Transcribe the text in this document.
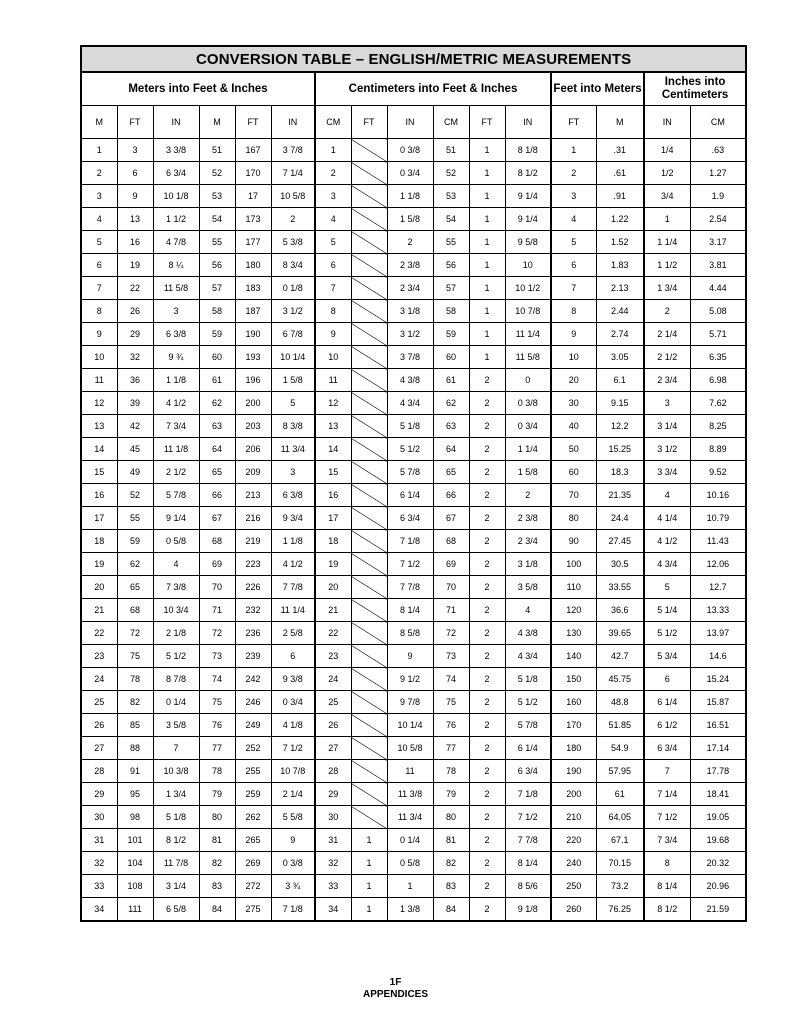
CONVERSION TABLE – ENGLISH/METRIC MEASUREMENTS															
Meters into Feet & Inches						Centimeters into Feet & Inches						Feet into Meters		Inches into Centimeters	
M	FT	IN	M	FT	IN	CM	FT	IN	CM	FT	IN	FT	M	IN	CM
1	3	3 3/8	51	167	3 7/8	1		0 3/8	51	1	8 1/8	1	.31	1/4	.63
2	6	6 3/4	52	170	7 1/4	2		0 3/4	52	1	8 1/2	2	.61	1/2	1.27
3	9	10 1/8	53	17	10 5/8	3		1 1/8	53	1	9 1/4	3	.91	3/4	1.9
4	13	1 1/2	54	173	2	4		1 5/8	54	1	9 1/4	4	1.22	1	2.54
5	16	4 7/8	55	177	5 3/8	5		2	55	1	9 5/8	5	1.52	1 1/4	3.17
6	19	8 ¼	56	180	8 3/4	6		2 3/8	56	1	10	6	1.83	1 1/2	3.81
7	22	11 5/8	57	183	0 1/8	7		2 3/4	57	1	10 1/2	7	2.13	1 3/4	4.44
8	26	3	58	187	3 1/2	8		3 1/8	58	1	10 7/8	8	2.44	2	5.08
9	29	6 3/8	59	190	6 7/8	9		3 1/2	59	1	11 1/4	9	2.74	2 1/4	5.71
10	32	9 ¾	60	193	10 1/4	10		3 7/8	60	1	11 5/8	10	3.05	2 1/2	6.35
11	36	1 1/8	61	196	1 5/8	11		4 3/8	61	2	0	20	6.1	2 3/4	6.98
12	39	4 1/2	62	200	5	12		4 3/4	62	2	0 3/8	30	9.15	3	7.62
13	42	7 3/4	63	203	8 3/8	13		5 1/8	63	2	0 3/4	40	12.2	3 1/4	8.25
14	45	11 1/8	64	206	11 3/4	14		5 1/2	64	2	1 1/4	50	15.25	3 1/2	8.89
15	49	2 1/2	65	209	3	15		5 7/8	65	2	1 5/8	60	18.3	3 3/4	9.52
16	52	5 7/8	66	213	6 3/8	16		6 1/4	66	2	2	70	21.35	4	10.16
17	55	9 1/4	67	216	9 3/4	17		6 3/4	67	2	2 3/8	80	24.4	4 1/4	10.79
18	59	0 5/8	68	219	1 1/8	18		7 1/8	68	2	2 3/4	90	27.45	4 1/2	11.43
19	62	4	69	223	4 1/2	19		7 1/2	69	2	3 1/8	100	30.5	4 3/4	12.06
20	65	7 3/8	70	226	7 7/8	20		7 7/8	70	2	3 5/8	110	33.55	5	12.7
21	68	10 3/4	71	232	11 1/4	21		8 1/4	71	2	4	120	36.6	5 1/4	13.33
22	72	2 1/8	72	236	2 5/8	22		8 5/8	72	2	4 3/8	130	39.65	5 1/2	13.97
23	75	5 1/2	73	239	6	23		9	73	2	4 3/4	140	42.7	5 3/4	14.6
24	78	8 7/8	74	242	9 3/8	24		9 1/2	74	2	5 1/8	150	45.75	6	15.24
25	82	0 1/4	75	246	0 3/4	25		9 7/8	75	2	5 1/2	160	48.8	6 1/4	15.87
26	85	3 5/8	76	249	4 1/8	26		10 1/4	76	2	5 7/8	170	51.85	6 1/2	16.51
27	88	7	77	252	7 1/2	27		10 5/8	77	2	6 1/4	180	54.9	6 3/4	17.14
28	91	10 3/8	78	255	10 7/8	28		11	78	2	6 3/4	190	57.95	7	17.78
29	95	1 3/4	79	259	2 1/4	29		11 3/8	79	2	7 1/8	200	61	7 1/4	18.41
30	98	5 1/8	80	262	5 5/8	30		11 3/4	80	2	7 1/2	210	64.05	7 1/2	19.05
31	101	8 1/2	81	265	9	31	1	0 1/4	81	2	7 7/8	220	67.1	7 3/4	19.68
32	104	11 7/8	82	269	0 3/8	32	1	0 5/8	82	2	8 1/4	240	70.15	8	20.32
33	108	3 1/4	83	272	3 ¾	33	1	1	83	2	8 5/6	250	73.2	8 1/4	20.96
34	111	6 5/8	84	275	7 1/8	34	1	1 3/8	84	2	9 1/8	260	76.25	8 1/2	21.59
1F
APPENDICES
